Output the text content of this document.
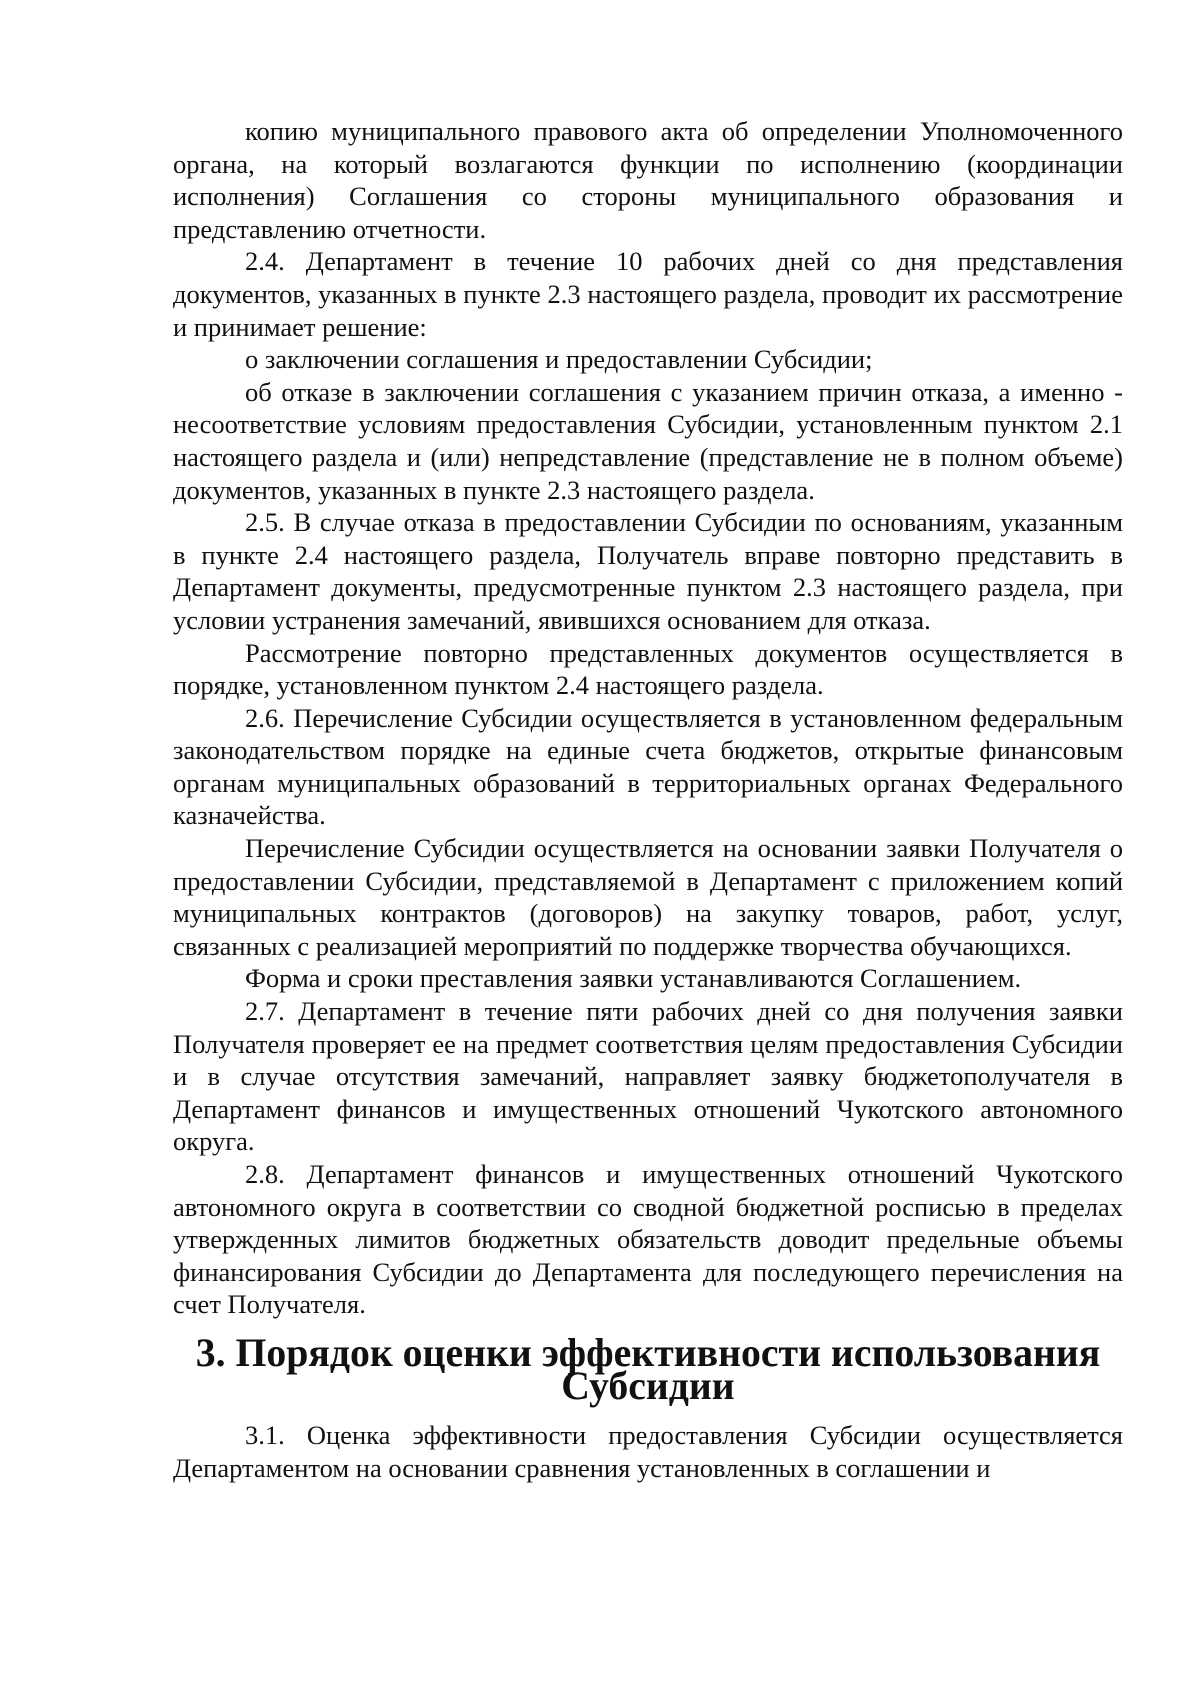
копию муниципального правового акта об определении Уполномоченного органа, на который возлагаются функции по исполнению (координации исполнения) Соглашения со стороны муниципального образования и представлению отчетности.

2.4. Департамент в течение 10 рабочих дней со дня представления документов, указанных в пункте 2.3 настоящего раздела, проводит их рассмотрение и принимает решение:

о заключении соглашения и предоставлении Субсидии;

об отказе в заключении соглашения с указанием причин отказа, а именно - несоответствие условиям предоставления Субсидии, установленным пунктом 2.1 настоящего раздела и (или) непредставление (представление не в полном объеме) документов, указанных в пункте 2.3 настоящего раздела.

2.5. В случае отказа в предоставлении Субсидии по основаниям, указанным в пункте 2.4 настоящего раздела, Получатель вправе повторно представить в Департамент документы, предусмотренные пунктом 2.3 настоящего раздела, при условии устранения замечаний, явившихся основанием для отказа.

Рассмотрение повторно представленных документов осуществляется в порядке, установленном пунктом 2.4 настоящего раздела.

2.6. Перечисление Субсидии осуществляется в установленном федеральным законодательством порядке на единые счета бюджетов, открытые финансовым органам муниципальных образований в территориальных органах Федерального казначейства.

Перечисление Субсидии осуществляется на основании заявки Получателя о предоставлении Субсидии, представляемой в Департамент с приложением копий муниципальных контрактов (договоров) на закупку товаров, работ, услуг, связанных с реализацией мероприятий по поддержке творчества обучающихся.

Форма и сроки преставления заявки устанавливаются Соглашением.

2.7. Департамент в течение пяти рабочих дней со дня получения заявки Получателя проверяет ее на предмет соответствия целям предоставления Субсидии и в случае отсутствия замечаний, направляет заявку бюджетополучателя в Департамент финансов и имущественных отношений Чукотского автономного округа.

2.8. Департамент финансов и имущественных отношений Чукотского автономного округа в соответствии со сводной бюджетной росписью в пределах утвержденных лимитов бюджетных обязательств доводит предельные объемы финансирования Субсидии до Департамента для последующего перечисления на счет Получателя.

3. Порядок оценки эффективности использования Субсидии

3.1. Оценка эффективности предоставления Субсидии осуществляется Департаментом на основании сравнения установленных в соглашении и
